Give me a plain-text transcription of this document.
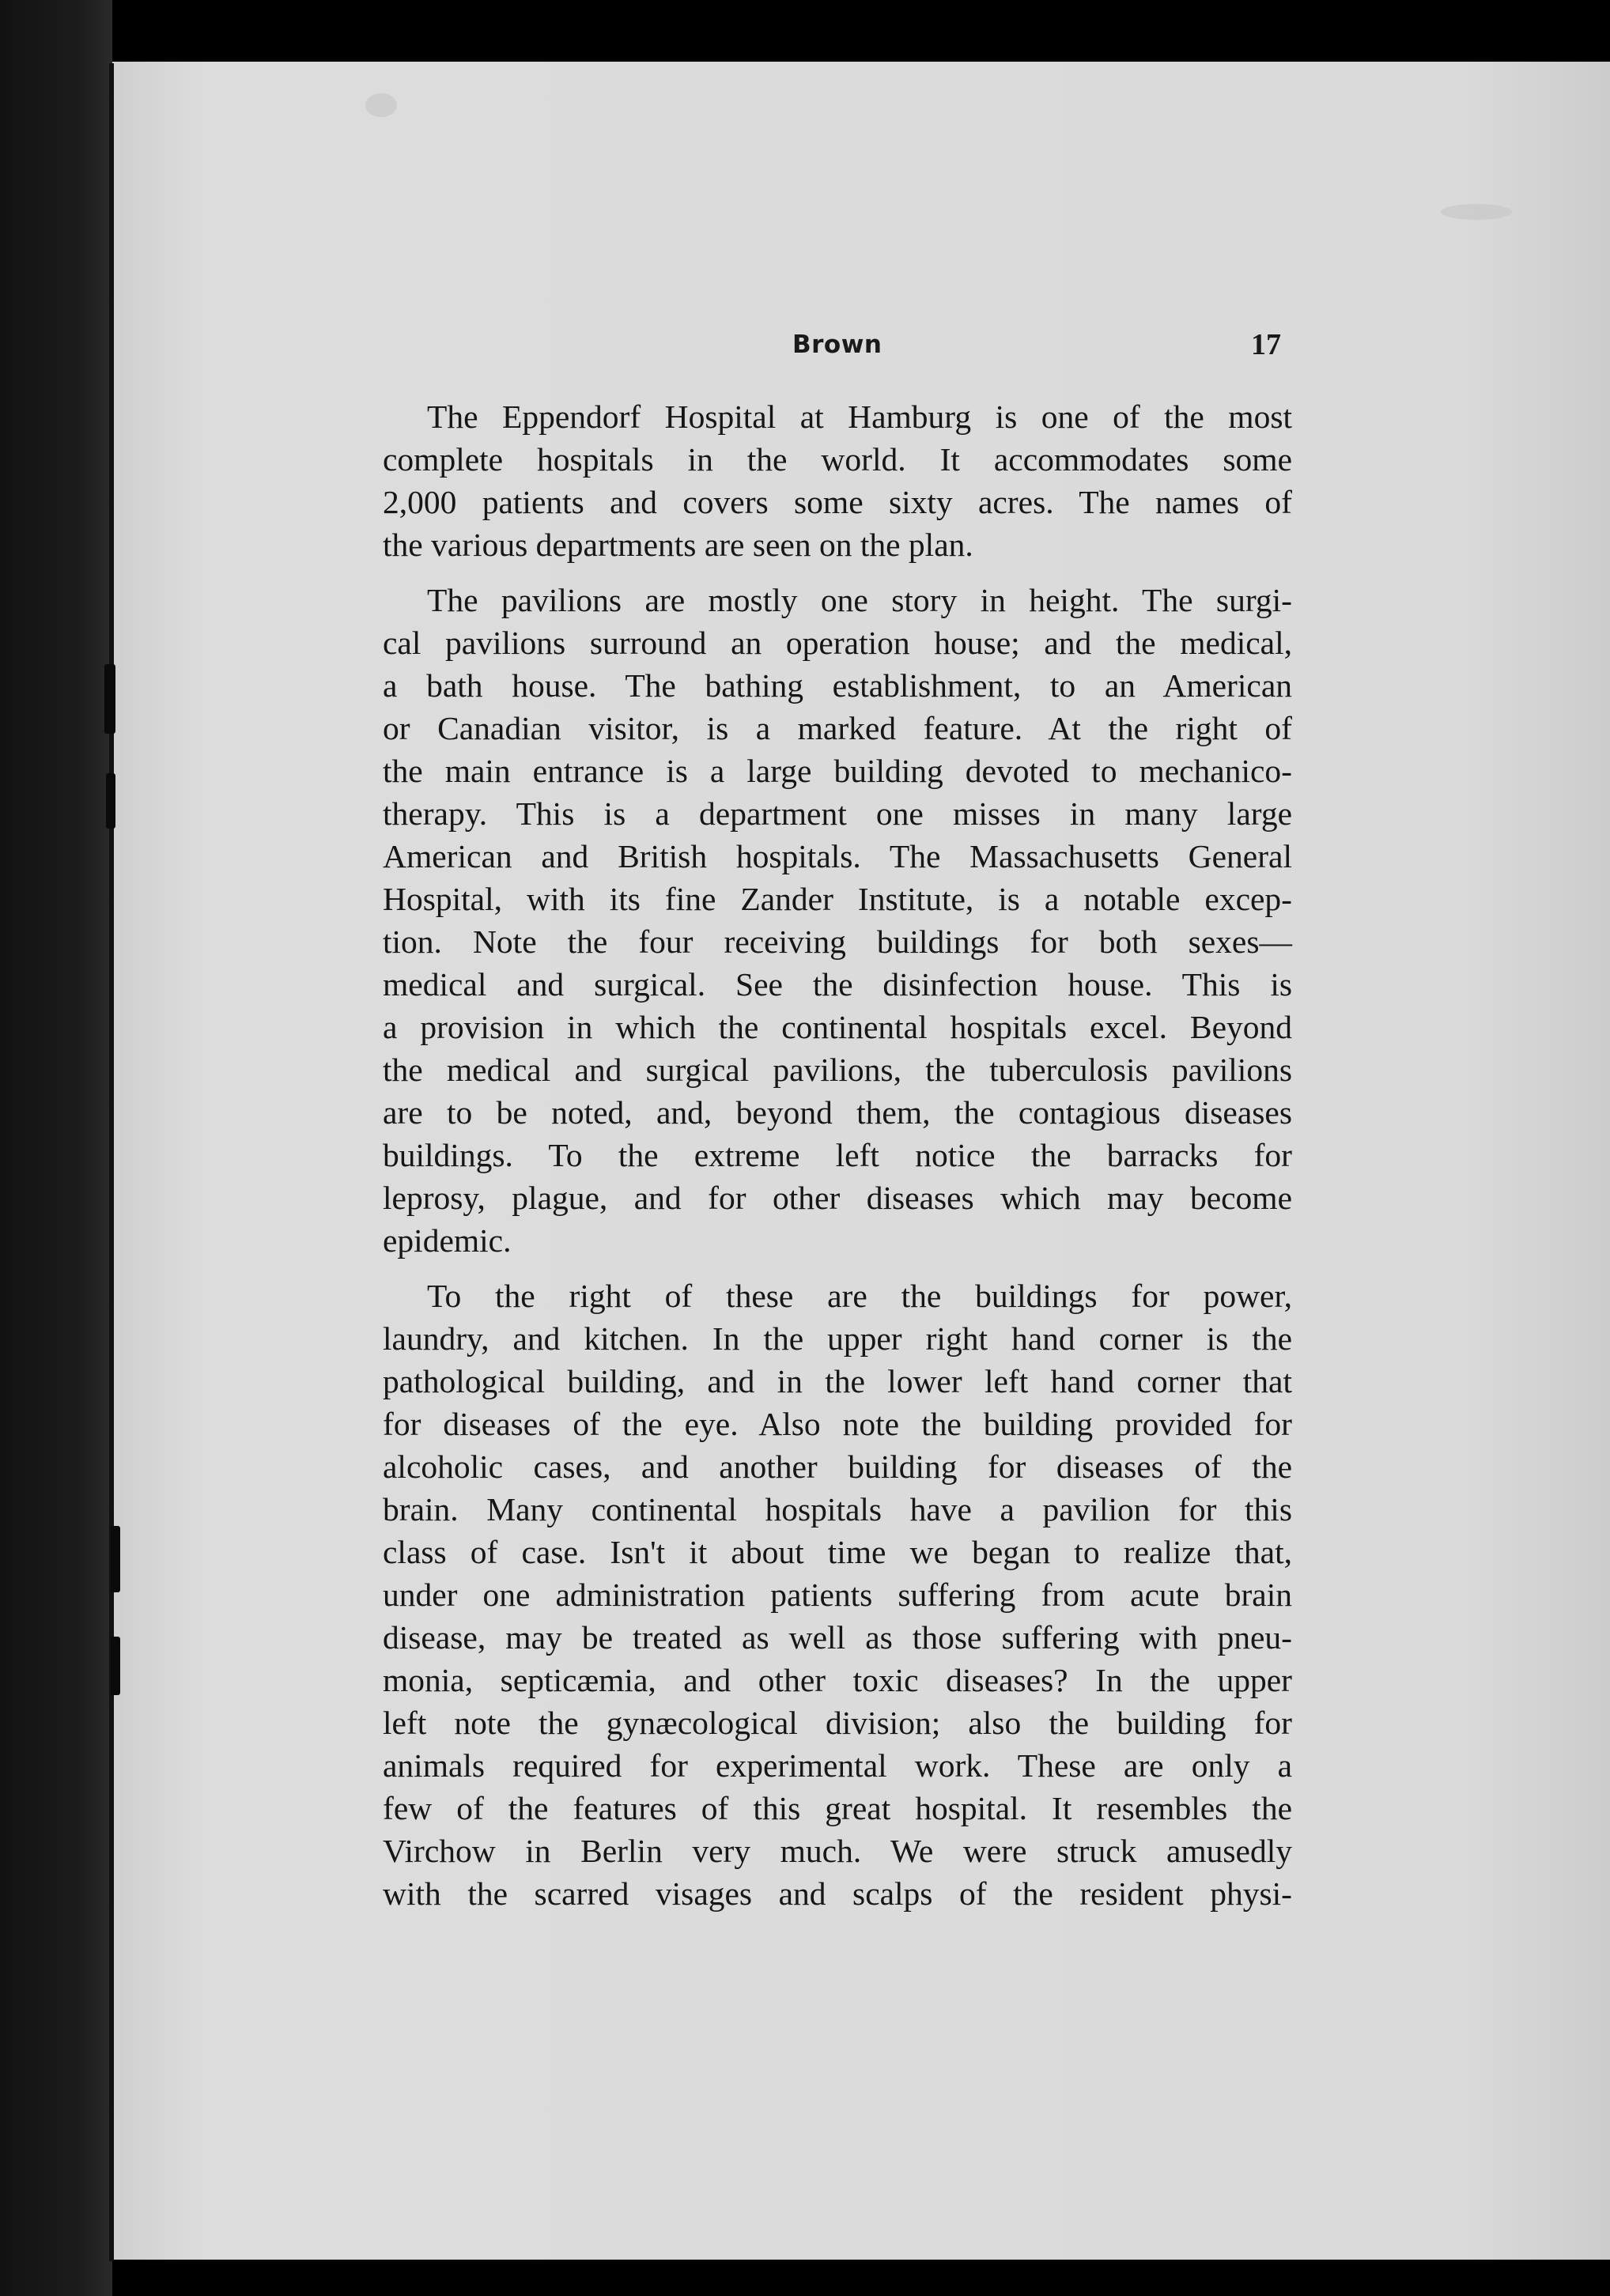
Brown	17

The Eppendorf Hospital at Hamburg is one of the most
complete hospitals in the world. It accommodates some
2,000 patients and covers some sixty acres. The names of
the various departments are seen on the plan.

The pavilions are mostly one story in height. The surgi-
cal pavilions surround an operation house; and the medical,
a bath house. The bathing establishment, to an American
or Canadian visitor, is a marked feature. At the right of
the main entrance is a large building devoted to mechanico-
therapy. This is a department one misses in many large
American and British hospitals. The Massachusetts General
Hospital, with its fine Zander Institute, is a notable excep-
tion. Note the four receiving buildings for both sexes—
medical and surgical. See the disinfection house. This is
a provision in which the continental hospitals excel. Beyond
the medical and surgical pavilions, the tuberculosis pavilions
are to be noted, and, beyond them, the contagious diseases
buildings. To the extreme left notice the barracks for
leprosy, plague, and for other diseases which may become
epidemic.

To the right of these are the buildings for power,
laundry, and kitchen. In the upper right hand corner is the
pathological building, and in the lower left hand corner that
for diseases of the eye. Also note the building provided for
alcoholic cases, and another building for diseases of the
brain. Many continental hospitals have a pavilion for this
class of case. Isn't it about time we began to realize that,
under one administration patients suffering from acute brain
disease, may be treated as well as those suffering with pneu-
monia, septicæmia, and other toxic diseases? In the upper
left note the gynæcological division; also the building for
animals required for experimental work. These are only a
few of the features of this great hospital. It resembles the
Virchow in Berlin very much. We were struck amusedly
with the scarred visages and scalps of the resident physi-
